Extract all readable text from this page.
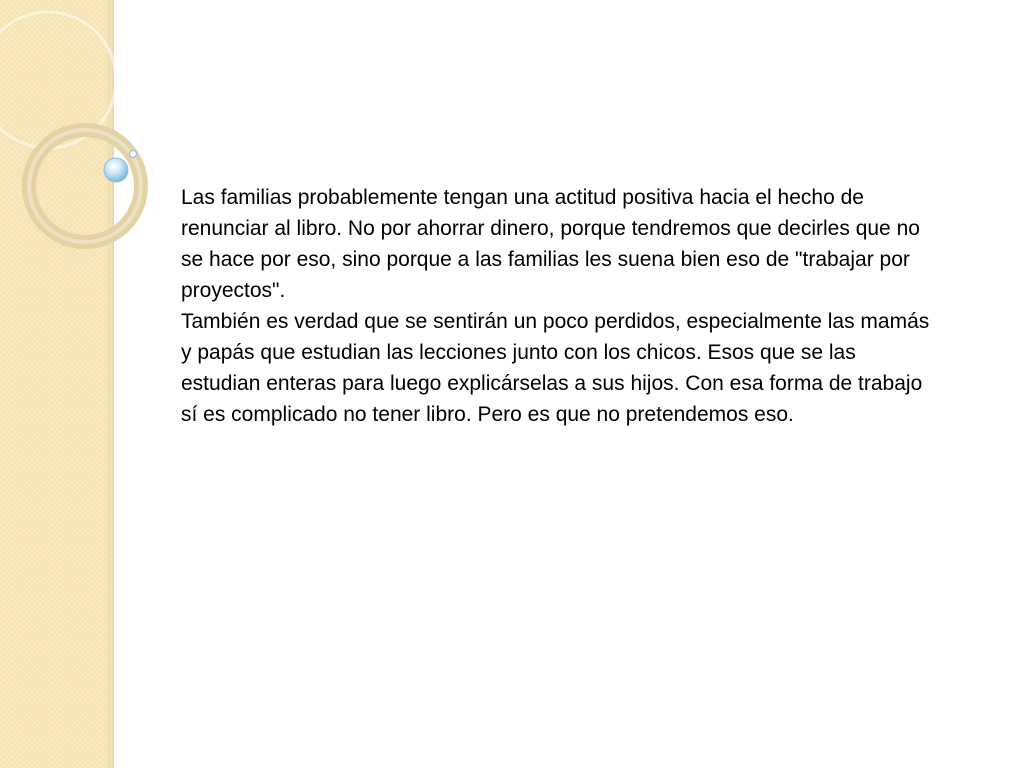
Las familias probablemente tengan una actitud positiva hacia el hecho de renunciar al libro. No por ahorrar dinero, porque tendremos que decirles que no se hace por eso, sino porque a las familias les suena bien eso de "trabajar por proyectos".

También es verdad que se sentirán un poco perdidos, especialmente las mamás y papás que estudian las lecciones junto con los chicos. Esos que se las estudian enteras para luego explicárselas a sus hijos. Con esa forma de trabajo sí es complicado no tener libro. Pero es que no pretendemos eso.
